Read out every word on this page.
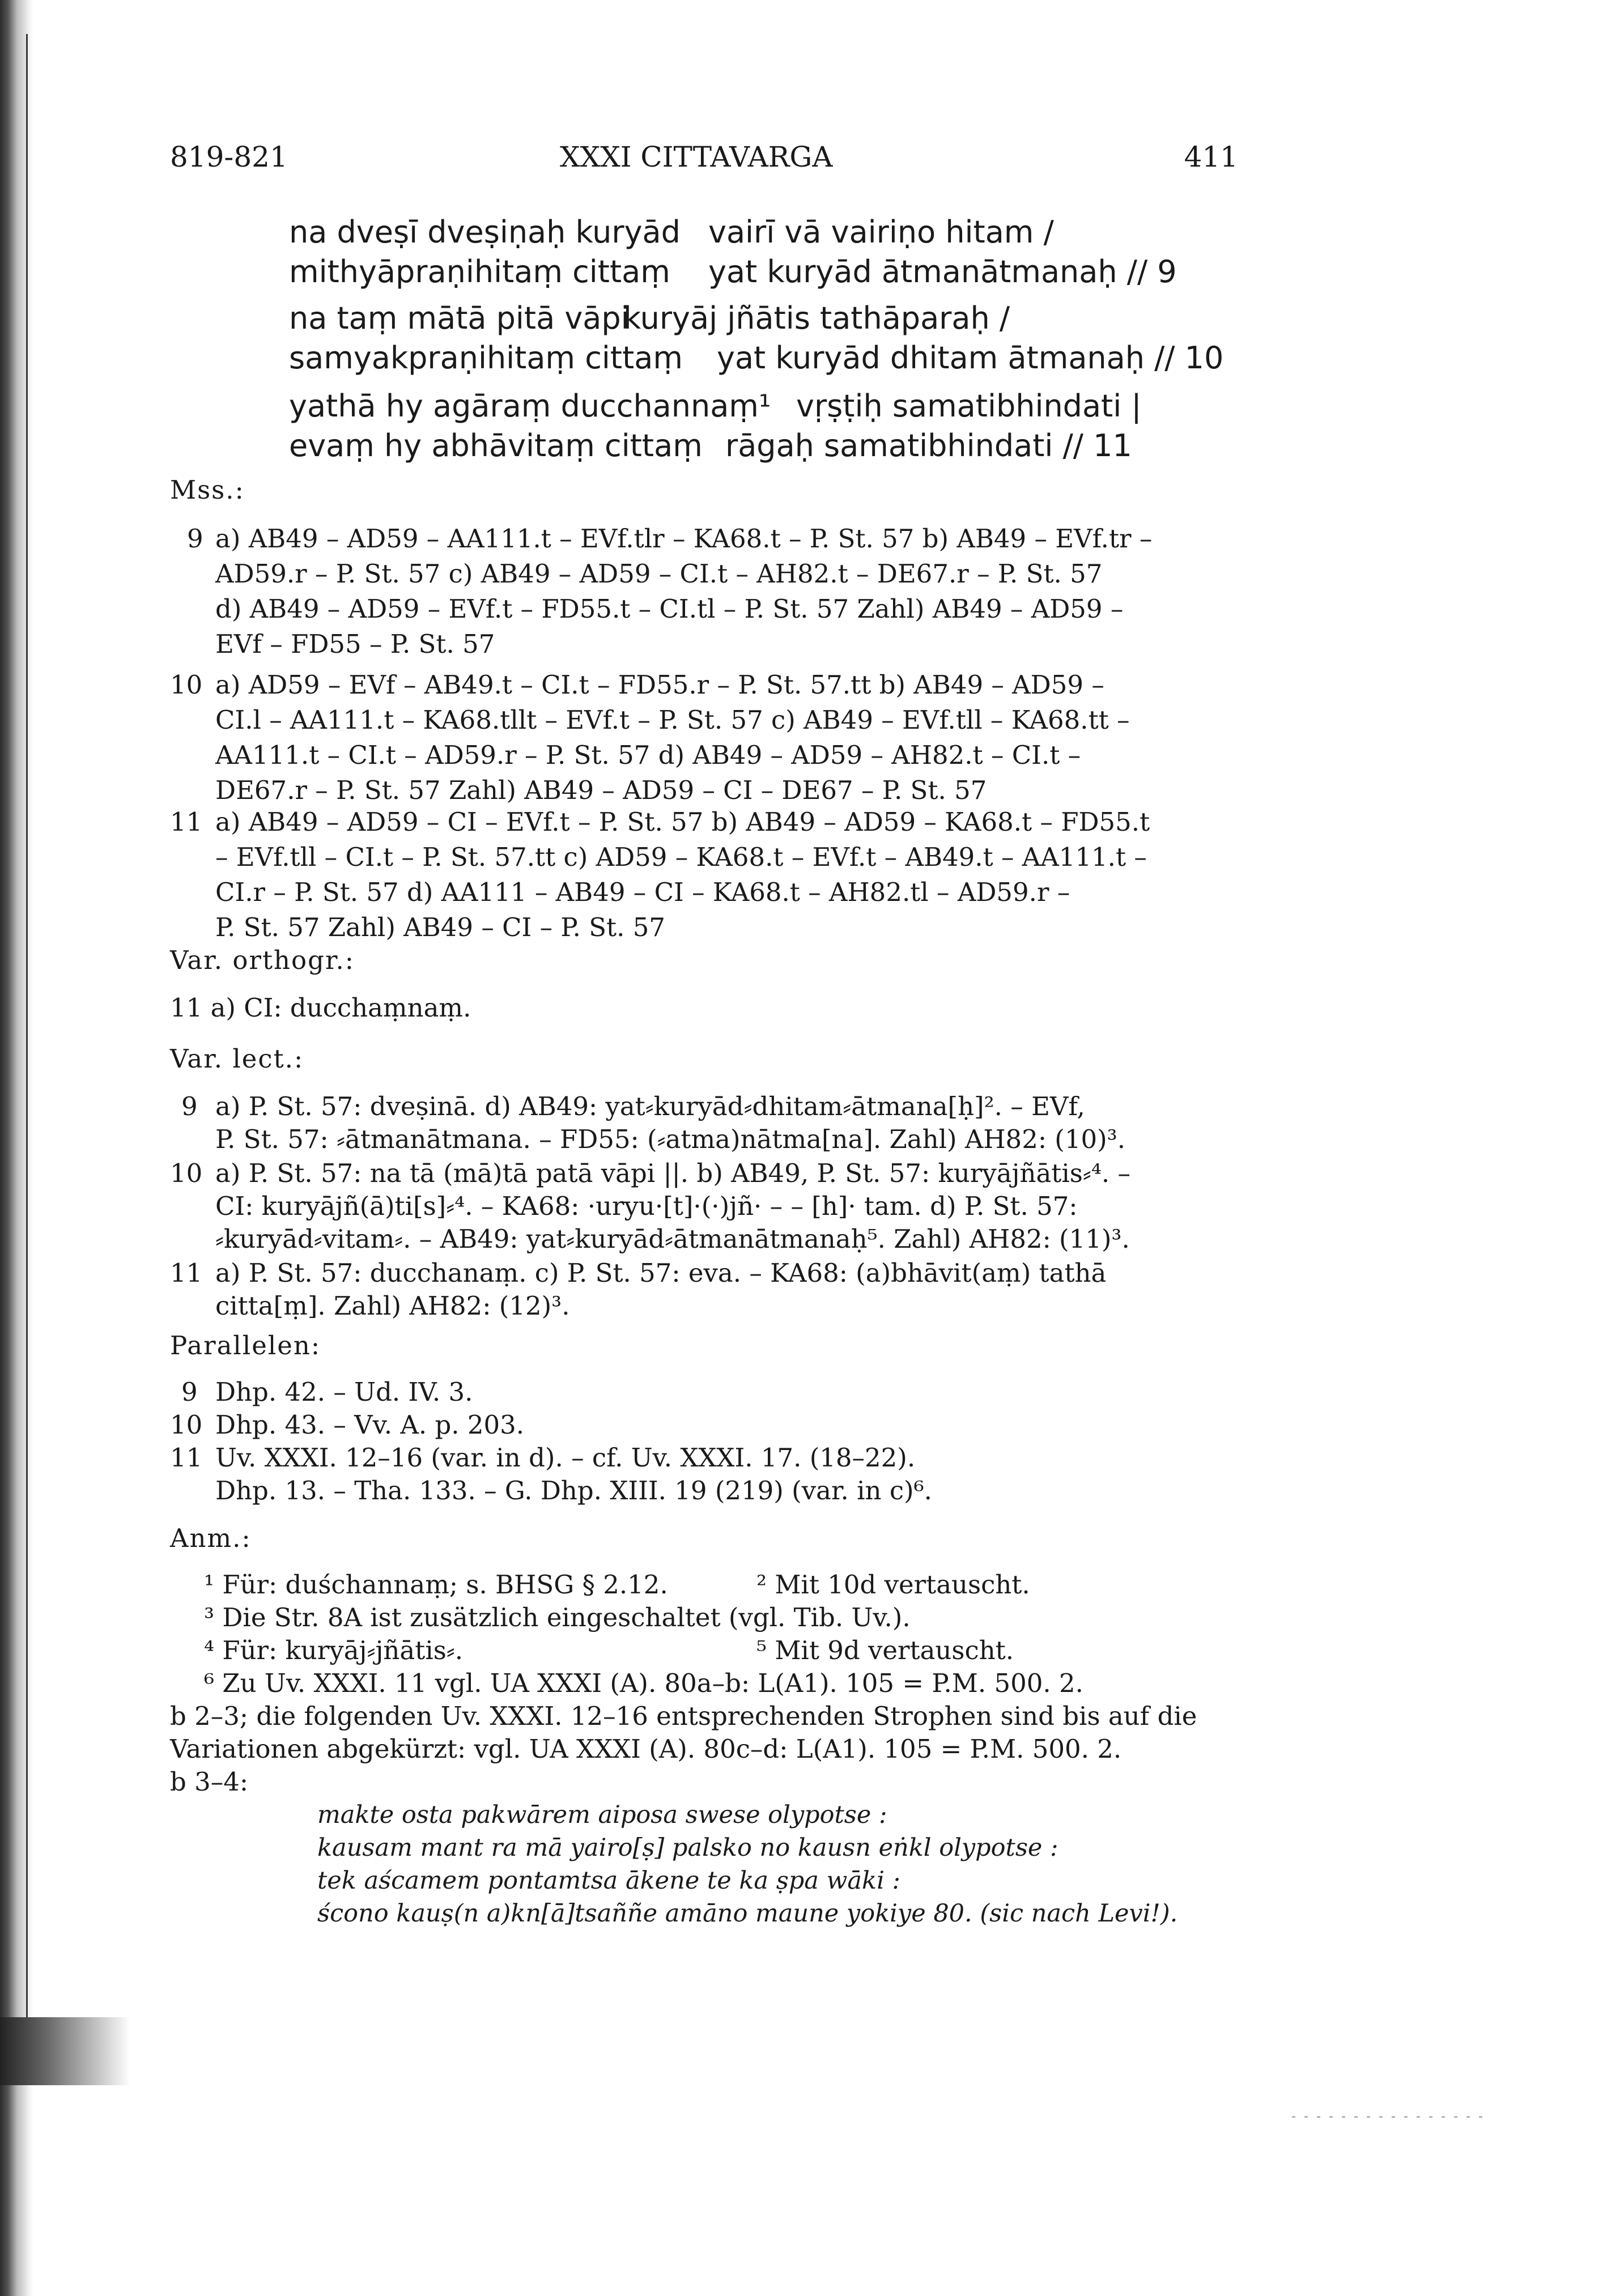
819-821	XXXI CITTAVARGA	411
na dveṣī dveṣiṇaḥ kuryād vairī vā vairiṇo hitam /
mithyāpraṇihitaṃ cittaṃ yat kuryād ātmanātmanaḥ // 9
na taṃ mātā pitā vāpi
kuryāj jñātis tathāparaḥ /
samyakpraṇihitaṃ cittaṃ yat kuryād dhitam ātmanaḥ // 10
yathā hy agāraṃ ducchannaṃ¹ vṛṣṭiḥ samatibhindati |
evaṃ hy abhāvitaṃ cittaṃ rāgaḥ samatibhindati // 11
Mss.:
9 a) AB49 – AD59 – AA111.t – EVf.tlr – KA68.t – P. St. 57 b) AB49 – EVf.tr –
AD59.r – P. St. 57 c) AB49 – AD59 – CI.t – AH82.t – DE67.r – P. St. 57
d) AB49 – AD59 – EVf.t – FD55.t – CI.tl – P. St. 57 Zahl) AB49 – AD59 –
EVf – FD55 – P. St. 57
10 a) AD59 – EVf – AB49.t – CI.t – FD55.r – P. St. 57.tt b) AB49 – AD59 –
CI.l – AA111.t – KA68.tllt – EVf.t – P. St. 57 c) AB49 – EVf.tll – KA68.tt –
AA111.t – CI.t – AD59.r – P. St. 57 d) AB49 – AD59 – AH82.t – CI.t –
DE67.r – P. St. 57 Zahl) AB49 – AD59 – CI – DE67 – P. St. 57
11 a) AB49 – AD59 – CI – EVf.t – P. St. 57 b) AB49 – AD59 – KA68.t – FD55.t
– EVf.tll – CI.t – P. St. 57.tt c) AD59 – KA68.t – EVf.t – AB49.t – AA111.t –
CI.r – P. St. 57 d) AA111 – AB49 – CI – KA68.t – AH82.tl – AD59.r –
P. St. 57 Zahl) AB49 – CI – P. St. 57
Var. orthogr.:
11 a) CI: ducchaṃnaṃ.
Var. lect.:
9 a) P. St. 57: dveṣinā. d) AB49: yat⸗kuryād⸗dhitam⸗ātmana[ḥ]². – EVf,
P. St. 57: ⸗ātmanātmana. – FD55: (⸗atma)nātma[na]. Zahl) AH82: (10)³.
10 a) P. St. 57: na tā (mā)tā patā vāpi ||. b) AB49, P. St. 57: kuryājñātis⸗⁴. –
CI: kuryājñ(ā)ti[s]⸗⁴. – KA68: ·uryu·[t]·(·)jñ· – – [h]· tam. d) P. St. 57:
⸗kuryād⸗vitam⸗. – AB49: yat⸗kuryād⸗ātmanātmanaḥ⁵. Zahl) AH82: (11)³.
11 a) P. St. 57: ducchanaṃ. c) P. St. 57: eva. – KA68: (a)bhāvit(aṃ) tathā
citta[ṃ]. Zahl) AH82: (12)³.
Parallelen:
9 Dhp. 42. – Ud. IV. 3.
10 Dhp. 43. – Vv. A. p. 203.
11 Uv. XXXI. 12–16 (var. in d). – cf. Uv. XXXI. 17. (18–22).
Dhp. 13. – Tha. 133. – G. Dhp. XIII. 19 (219) (var. in c)⁶.
Anm.:
¹ Für: duśchannaṃ; s. BHSG § 2.12.	² Mit 10d vertauscht.
³ Die Str. 8A ist zusätzlich eingeschaltet (vgl. Tib. Uv.).
⁴ Für: kuryāj⸗jñātis⸗.	⁵ Mit 9d vertauscht.
⁶ Zu Uv. XXXI. 11 vgl. UA XXXI (A). 80a–b: L(A1). 105 = P.M. 500. 2.
b 2–3; die folgenden Uv. XXXI. 12–16 entsprechenden Strophen sind bis auf die
Variationen abgekürzt: vgl. UA XXXI (A). 80c–d: L(A1). 105 = P.M. 500. 2.
b 3–4:
makte osta pakwārem aiposa swese olypotse :
kausam mant ra mā yairo[ṣ] palsko no kausn eṅkl olypotse :
tek aścamem pontamtsa ākene te ka ṣpa wāki :
ścono kauṣ(n a)kn[ā]tsaññe amāno maune yokiye 80. (sic nach Levi!).
